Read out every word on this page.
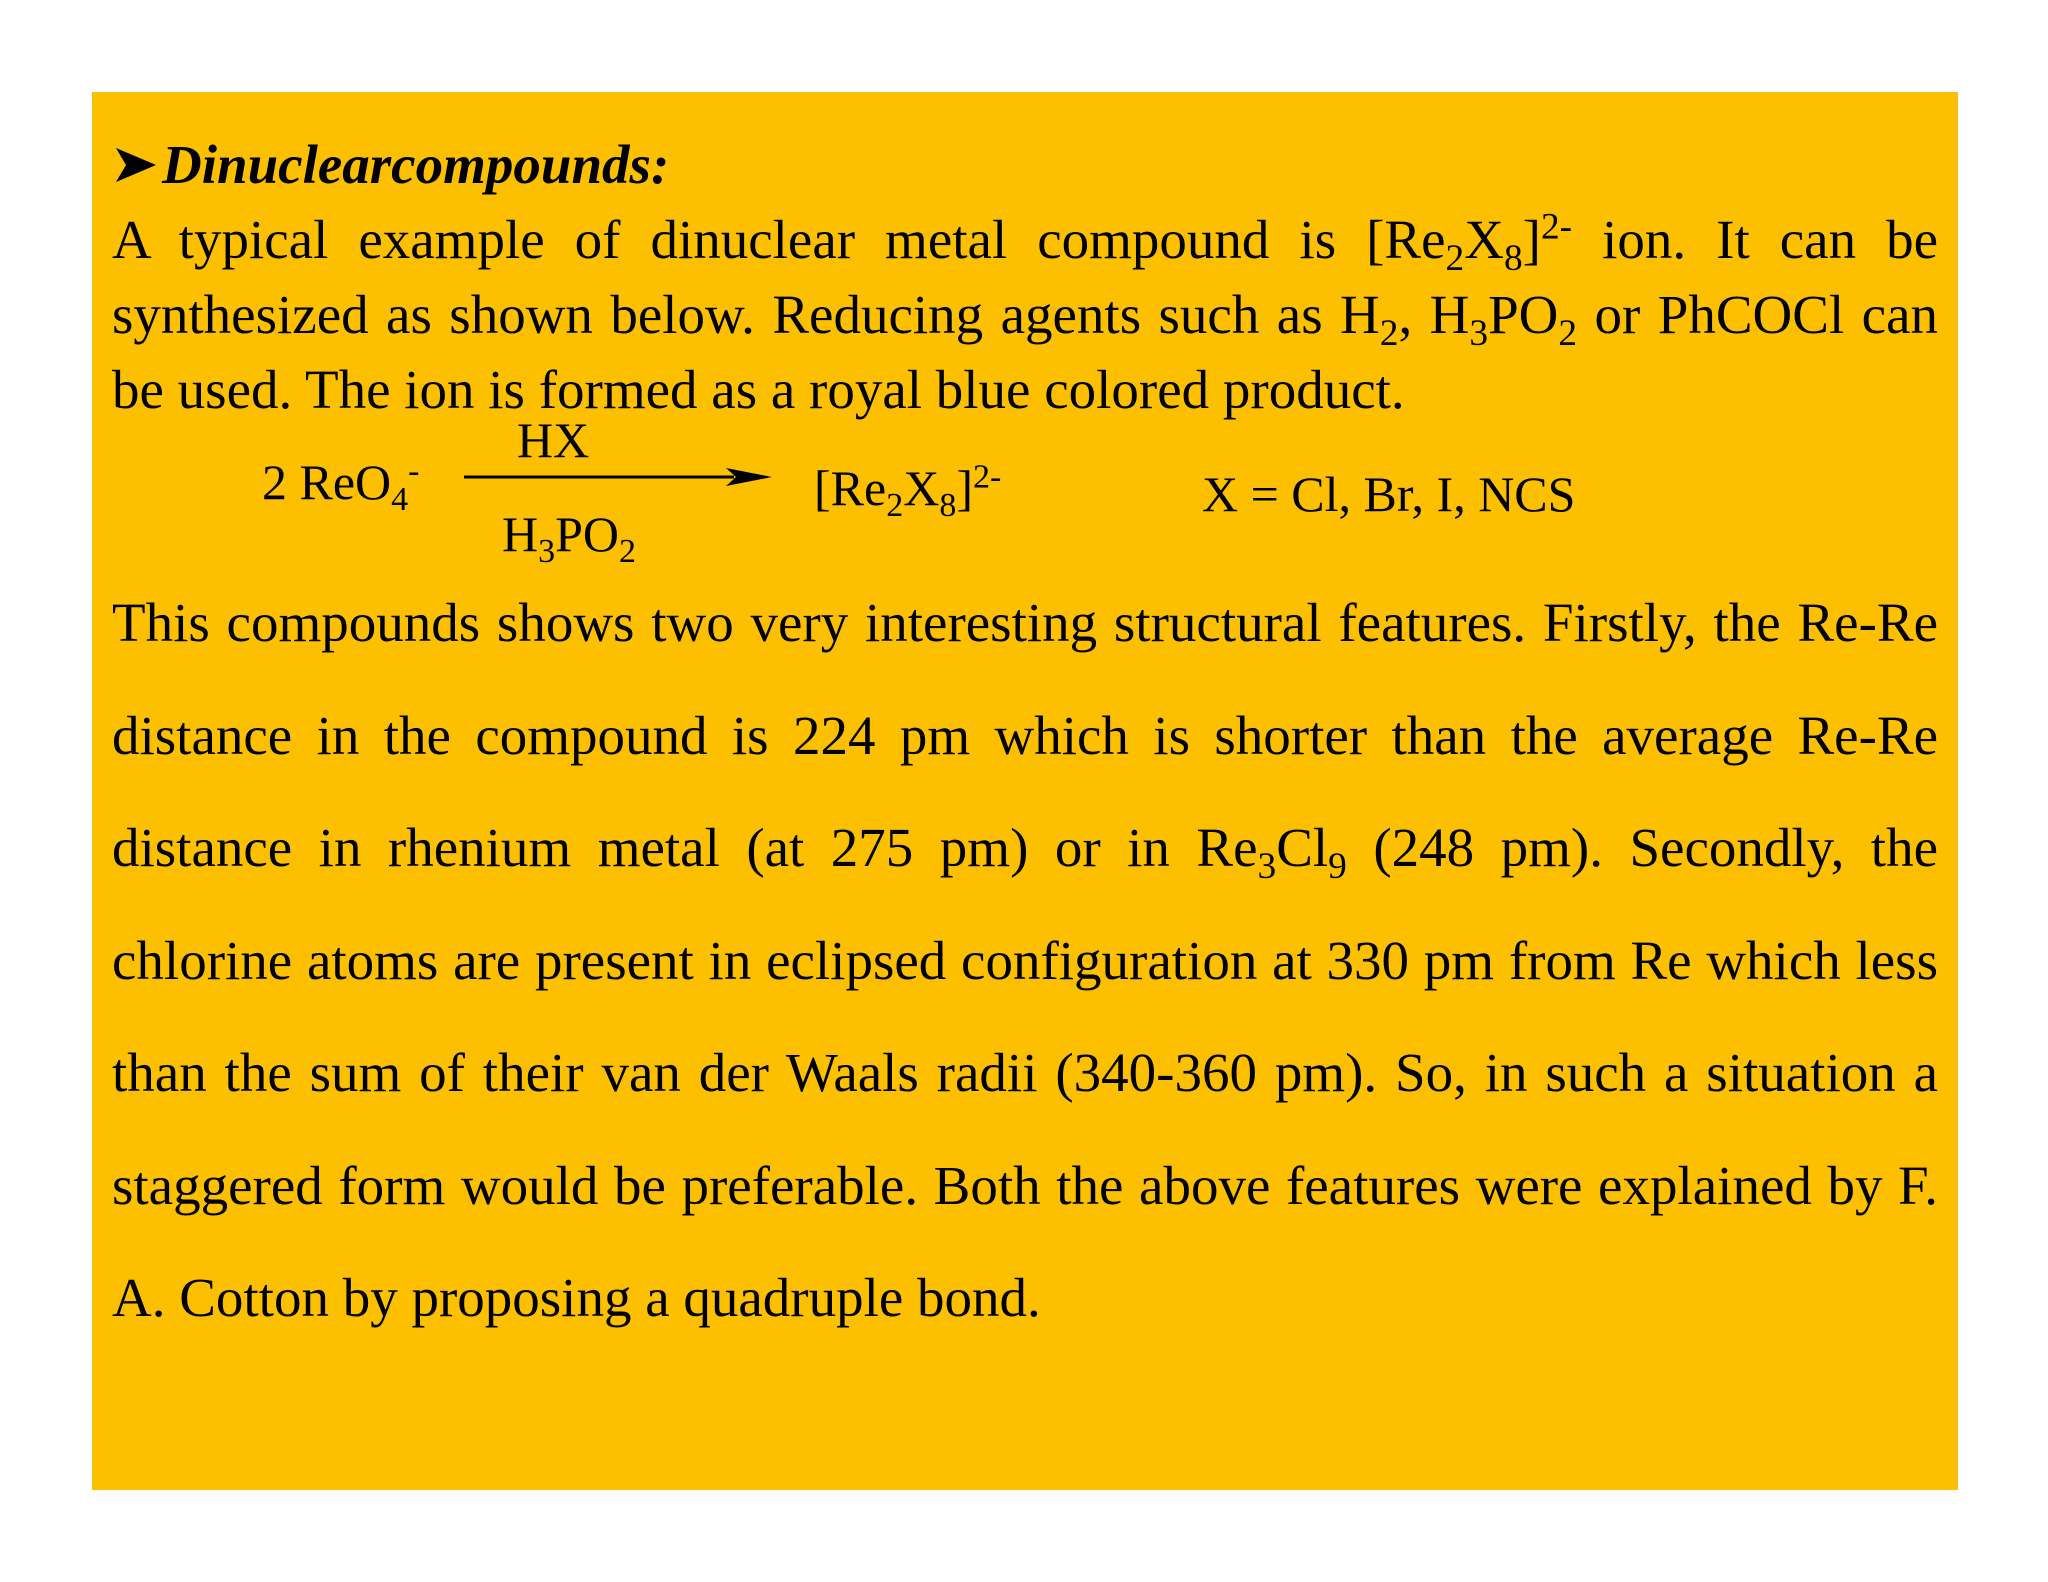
Dinuclearcompounds:

A typical example of dinuclear metal compound is $[Re_2X_8]^{2-}$ ion. It can be synthesized as shown below. Reducing agents such as $H_2$, $H_3PO_2$ or PhCOCl can be used. The ion is formed as a royal blue colored product.

2 ReO$_4$-
HX
$H_3PO_2$
$[Re_2X_8]^{2-}$	X = Cl, Br, I, NCS

This compounds shows two very interesting structural features. Firstly, the Re-Re distance in the compound is 224 pm which is shorter than the average Re-Re distance in rhenium metal (at 275 pm) or in $Re_3Cl_9$ (248 pm). Secondly, the chlorine atoms are present in eclipsed configuration at 330 pm from Re which less than the sum of their van der Waals radii (340-360 pm). So, in such a situation a staggered form would be preferable. Both the above features were explained by F. A. Cotton by proposing a quadruple bond.
